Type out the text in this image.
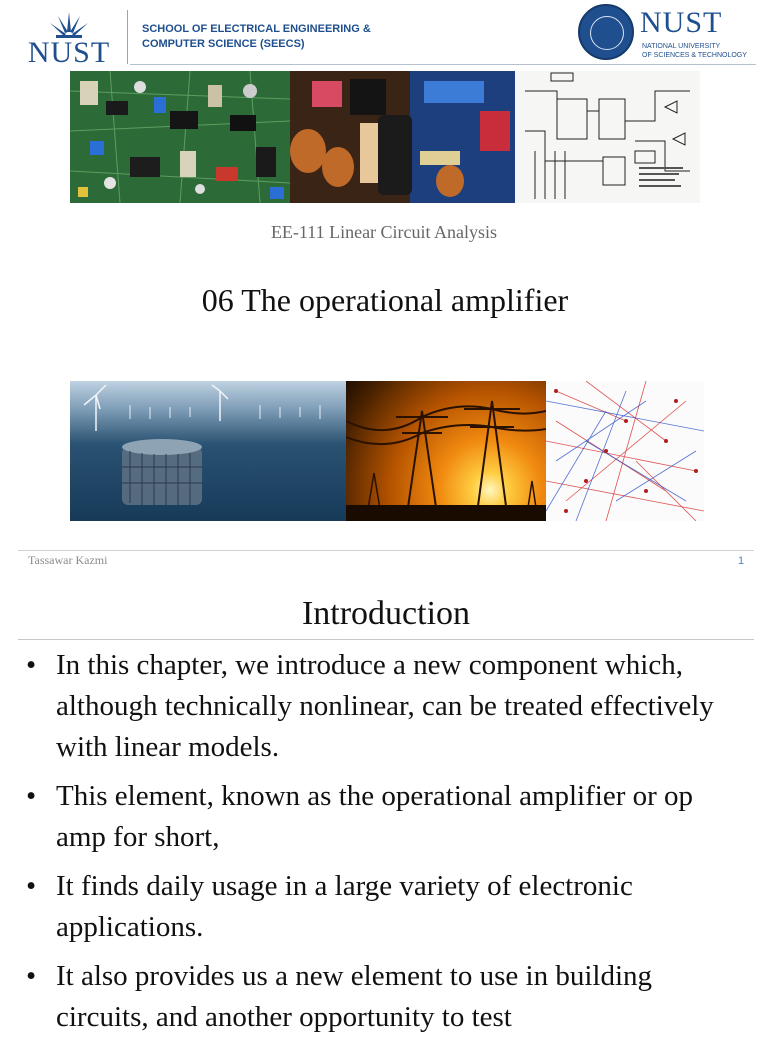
NUST
SCHOOL OF ELECTRICAL ENGINEERING &
COMPUTER SCIENCE (SEECS)
NUST
NATIONAL UNIVERSITY
OF SCIENCES & TECHNOLOGY
EE-111 Linear Circuit Analysis
06 The operational amplifier
Tassawar Kazmi	1
Introduction
• In this chapter, we introduce a new component which, although technically nonlinear, can be treated effectively with linear models.
• This element, known as the operational amplifier or op amp for short,
• It finds daily usage in a large variety of electronic applications.
• It also provides us a new element to use in building circuits, and another opportunity to test
